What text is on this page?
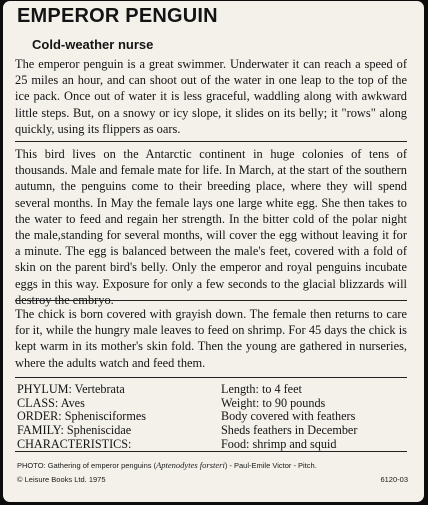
EMPEROR PENGUIN
Cold-weather nurse

The emperor penguin is a great swimmer. Underwater it can reach a speed of 25 miles an hour, and can shoot out of the water in one leap to the top of the ice pack. Once out of water it is less graceful, waddling along with awkward little steps. But, on a snowy or icy slope, it slides on its belly; it "rows" along quickly, using its flippers as oars.

This bird lives on the Antarctic continent in huge colonies of tens of thousands. Male and female mate for life. In March, at the start of the southern autumn, the penguins come to their breeding place, where they will spend several months. In May the female lays one large white egg. She then takes to the water to feed and regain her strength. In the bitter cold of the polar night the male,standing for several months, will cover the egg without leaving it for a minute. The egg is balanced between the male's feet, covered with a fold of skin on the parent bird's belly. Only the emperor and royal penguins incubate eggs in this way. Exposure for only a few seconds to the glacial blizzards will destroy the embryo.

The chick is born covered with grayish down. The female then returns to care for it, while the hungry male leaves to feed on shrimp. For 45 days the chick is kept warm in its mother's skin fold. Then the young are gathered in nurseries, where the adults watch and feed them.

PHYLUM: Vertebrata
CLASS: Aves
ORDER: Sphenisciformes
FAMILY: Spheniscidae
CHARACTERISTICS:
Length: to 4 feet
Weight: to 90 pounds
Body covered with feathers
Sheds feathers in December
Food: shrimp and squid
PHOTO: Gathering of emperor penguins (Aptenodytes forsteri) - Paul-Emile Victor - Pitch.
© Leisure Books Ltd. 1975	6120-03
